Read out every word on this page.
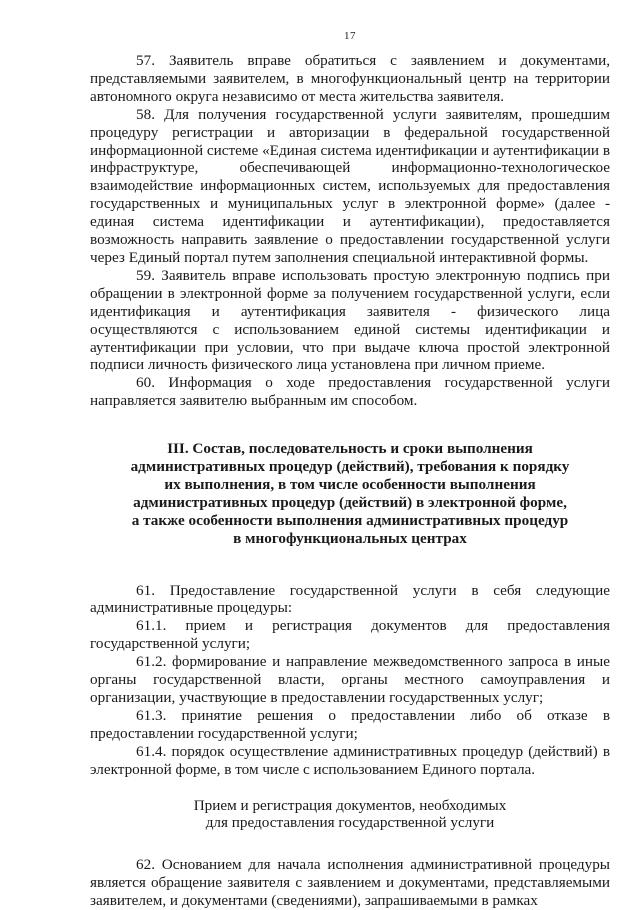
17

57. Заявитель вправе обратиться с заявлением и документами, представляемыми заявителем, в многофункциональный центр на территории автономного округа независимо от места жительства заявителя.

58. Для получения государственной услуги заявителям, прошедшим процедуру регистрации и авторизации в федеральной государственной информационной системе «Единая система идентификации и аутентификации в инфраструктуре, обеспечивающей информационно-технологическое взаимодействие информационных систем, используемых для предоставления государственных и муниципальных услуг в электронной форме» (далее - единая система идентификации и аутентификации), предоставляется возможность направить заявление о предоставлении государственной услуги через Единый портал путем заполнения специальной интерактивной формы.

59. Заявитель вправе использовать простую электронную подпись при обращении в электронной форме за получением государственной услуги, если идентификация и аутентификация заявителя - физического лица осуществляются с использованием единой системы идентификации и аутентификации при условии, что при выдаче ключа простой электронной подписи личность физического лица установлена при личном приеме.

60. Информация о ходе предоставления государственной услуги направляется заявителю выбранным им способом.

III. Состав, последовательность и сроки выполнения
административных процедур (действий), требования к порядку
их выполнения, в том числе особенности выполнения
административных процедур (действий) в электронной форме,
а также особенности выполнения административных процедур
в многофункциональных центрах

61. Предоставление государственной услуги в себя следующие административные процедуры:

61.1. прием и регистрация документов для предоставления государственной услуги;

61.2. формирование и направление межведомственного запроса в иные органы государственной власти, органы местного самоуправления и организации, участвующие в предоставлении государственных услуг;

61.3. принятие решения о предоставлении либо об отказе в предоставлении государственной услуги;

61.4. порядок осуществление административных процедур (действий) в электронной форме, в том числе с использованием Единого портала.

Прием и регистрация документов, необходимых
для предоставления государственной услуги

62. Основанием для начала исполнения административной процедуры является обращение заявителя с заявлением и документами, представляемыми заявителем, и документами (сведениями), запрашиваемыми в рамках
